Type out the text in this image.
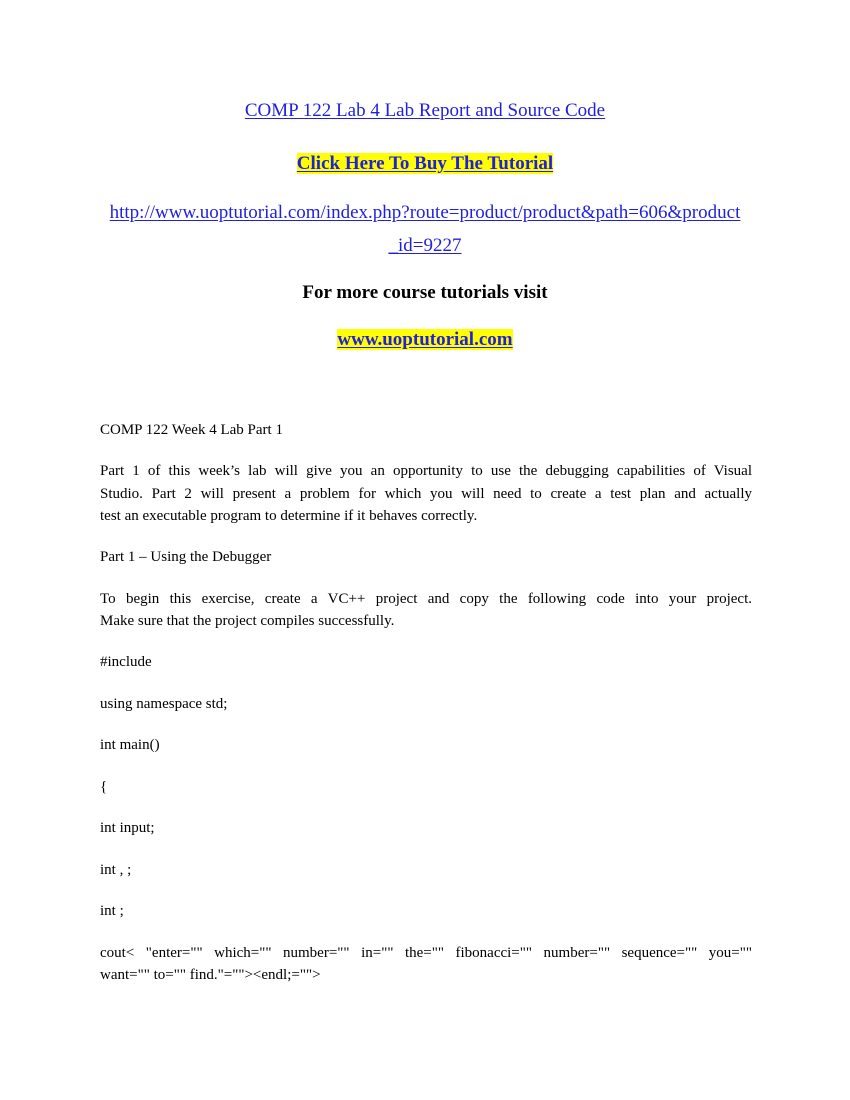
COMP 122 Lab 4 Lab Report and Source Code
Click Here To Buy The Tutorial
http://www.uoptutorial.com/index.php?route=product/product&path=606&product
_id=9227
For more course tutorials visit
www.uoptutorial.com
COMP 122 Week 4 Lab Part 1
Part 1 of this week’s lab will give you an opportunity to use the debugging capabilities of Visual
Studio. Part 2 will present a problem for which you will need to create a test plan and actually
test an executable program to determine if it behaves correctly.
Part 1 – Using the Debugger
To begin this exercise, create a VC++ project and copy the following code into your project.
Make sure that the project compiles successfully.
#include
using namespace std;
int main()
{
int input;
int , ;
int ;
cout< "enter="" which="" number="" in="" the="" fibonacci="" number="" sequence="" you=""
want="" to="" find."=""><endl;="">
